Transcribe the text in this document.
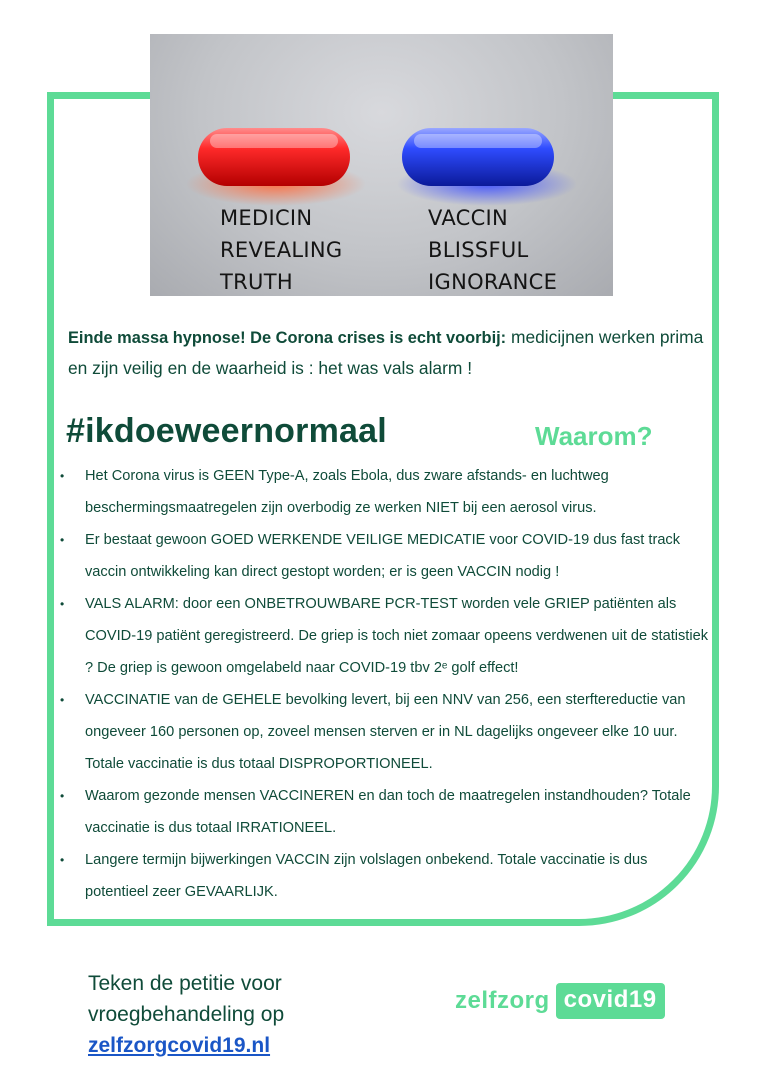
MEDICIN
REVEALING
TRUTH
VACCIN
BLISSFUL
IGNORANCE
Einde massa hypnose! De Corona crises is echt voorbij: medicijnen werken prima en zijn veilig en de waarheid is : het was vals alarm !
#ikdoeweernormaal	Waarom?
• Het Corona virus is GEEN Type-A, zoals Ebola, dus zware afstands- en luchtweg beschermingsmaatregelen zijn overbodig ze werken NIET bij een aerosol virus.
• Er bestaat gewoon GOED WERKENDE VEILIGE MEDICATIE voor COVID-19 dus fast track vaccin ontwikkeling kan direct gestopt worden; er is geen VACCIN nodig !
• VALS ALARM: door een ONBETROUWBARE PCR-TEST worden vele GRIEP patiënten als COVID-19 patiënt geregistreerd. De griep is toch niet zomaar opeens verdwenen uit de statistiek ? De griep is gewoon omgelabeld naar COVID-19 tbv 2ᵉ golf effect!
• VACCINATIE van de GEHELE bevolking levert, bij een NNV van 256, een sterftereductie van ongeveer 160 personen op, zoveel mensen sterven er in NL dagelijks ongeveer elke 10 uur. Totale vaccinatie is dus totaal DISPROPORTIONEEL.
• Waarom gezonde mensen VACCINEREN en dan toch de maatregelen instandhouden? Totale vaccinatie is dus totaal IRRATIONEEL.
• Langere termijn bijwerkingen VACCIN zijn volslagen onbekend. Totale vaccinatie is dus potentieel zeer GEVAARLIJK.
Teken de petitie voor
vroegbehandeling op
zelfzorgcovid19.nl
zelfzorg covid19
